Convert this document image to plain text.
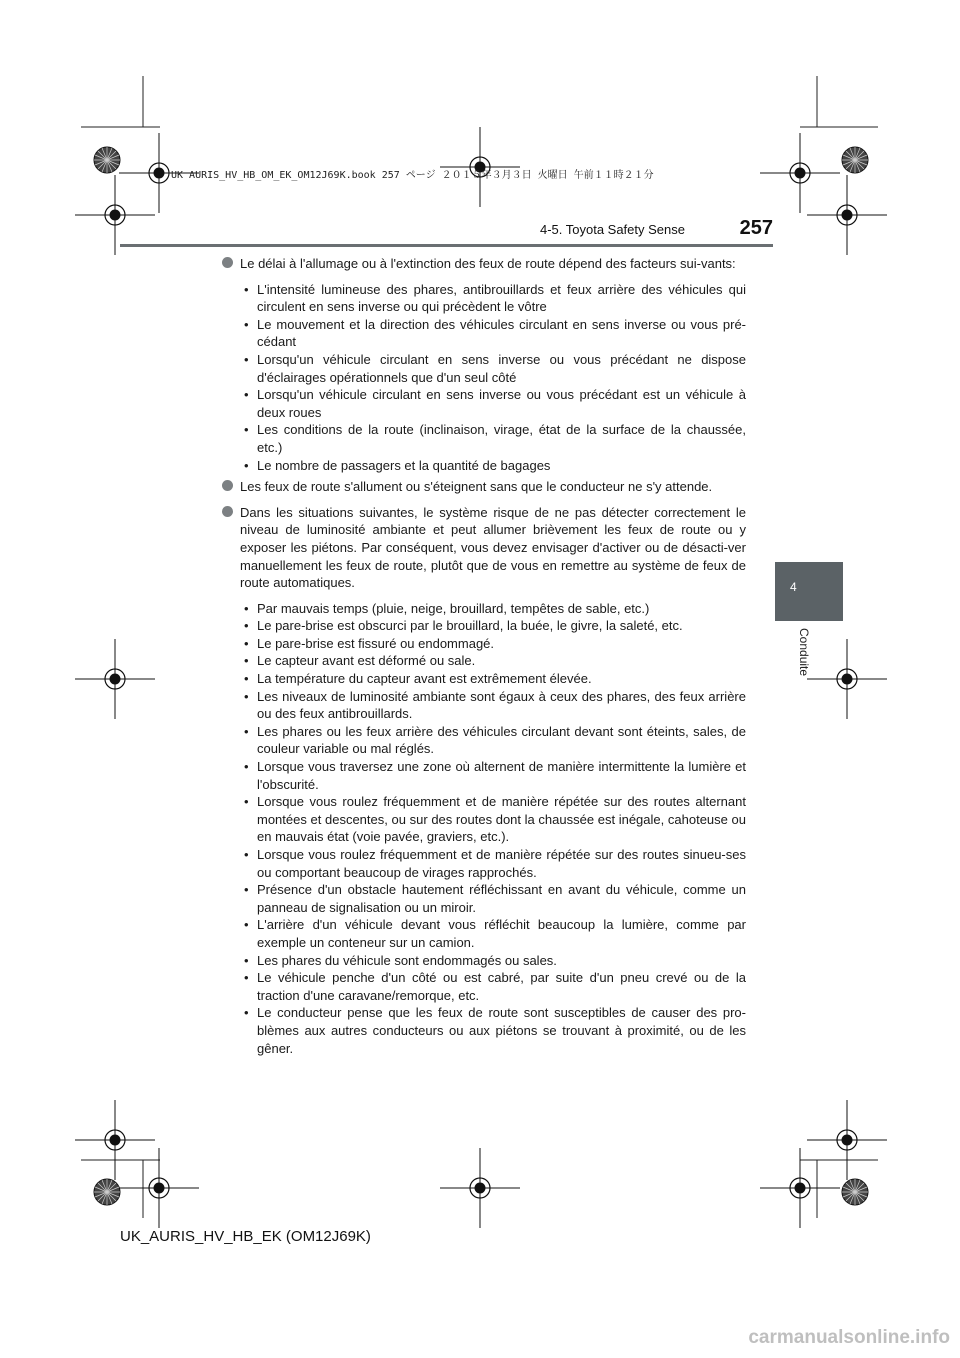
UK AURIS_HV_HB_OM_EK_OM12J69K.book 257 ページ ２０１５年３月３日 火曜日 午前１１時２１分
4-5. Toyota Safety Sense	257
4
Conduite
Le délai à l'allumage ou à l'extinction des feux de route dépend des facteurs sui-vants:
• L'intensité lumineuse des phares, antibrouillards et feux arrière des véhicules qui circulent en sens inverse ou qui précèdent le vôtre
• Le mouvement et la direction des véhicules circulant en sens inverse ou vous pré-cédant
• Lorsqu'un véhicule circulant en sens inverse ou vous précédant ne dispose d'éclairages opérationnels que d'un seul côté
• Lorsqu'un véhicule circulant en sens inverse ou vous précédant est un véhicule à deux roues
• Les conditions de la route (inclinaison, virage, état de la surface de la chaussée, etc.)
• Le nombre de passagers et la quantité de bagages
Les feux de route s'allument ou s'éteignent sans que le conducteur ne s'y attende.
Dans les situations suivantes, le système risque de ne pas détecter correctement le niveau de luminosité ambiante et peut allumer brièvement les feux de route ou y exposer les piétons. Par conséquent, vous devez envisager d'activer ou de désacti-ver manuellement les feux de route, plutôt que de vous en remettre au système de feux de route automatiques.
• Par mauvais temps (pluie, neige, brouillard, tempêtes de sable, etc.)
• Le pare-brise est obscurci par le brouillard, la buée, le givre, la saleté, etc.
• Le pare-brise est fissuré ou endommagé.
• Le capteur avant est déformé ou sale.
• La température du capteur avant est extrêmement élevée.
• Les niveaux de luminosité ambiante sont égaux à ceux des phares, des feux arrière ou des feux antibrouillards.
• Les phares ou les feux arrière des véhicules circulant devant sont éteints, sales, de couleur variable ou mal réglés.
• Lorsque vous traversez une zone où alternent de manière intermittente la lumière et l'obscurité.
• Lorsque vous roulez fréquemment et de manière répétée sur des routes alternant montées et descentes, ou sur des routes dont la chaussée est inégale, cahoteuse ou en mauvais état (voie pavée, graviers, etc.).
• Lorsque vous roulez fréquemment et de manière répétée sur des routes sinueu-ses ou comportant beaucoup de virages rapprochés.
• Présence d'un obstacle hautement réfléchissant en avant du véhicule, comme un panneau de signalisation ou un miroir.
• L'arrière d'un véhicule devant vous réfléchit beaucoup la lumière, comme par exemple un conteneur sur un camion.
• Les phares du véhicule sont endommagés ou sales.
• Le véhicule penche d'un côté ou est cabré, par suite d'un pneu crevé ou de la traction d'une caravane/remorque, etc.
• Le conducteur pense que les feux de route sont susceptibles de causer des pro-blèmes aux autres conducteurs ou aux piétons se trouvant à proximité, ou de les gêner.
UK_AURIS_HV_HB_EK (OM12J69K)
carmanualsonline.info
